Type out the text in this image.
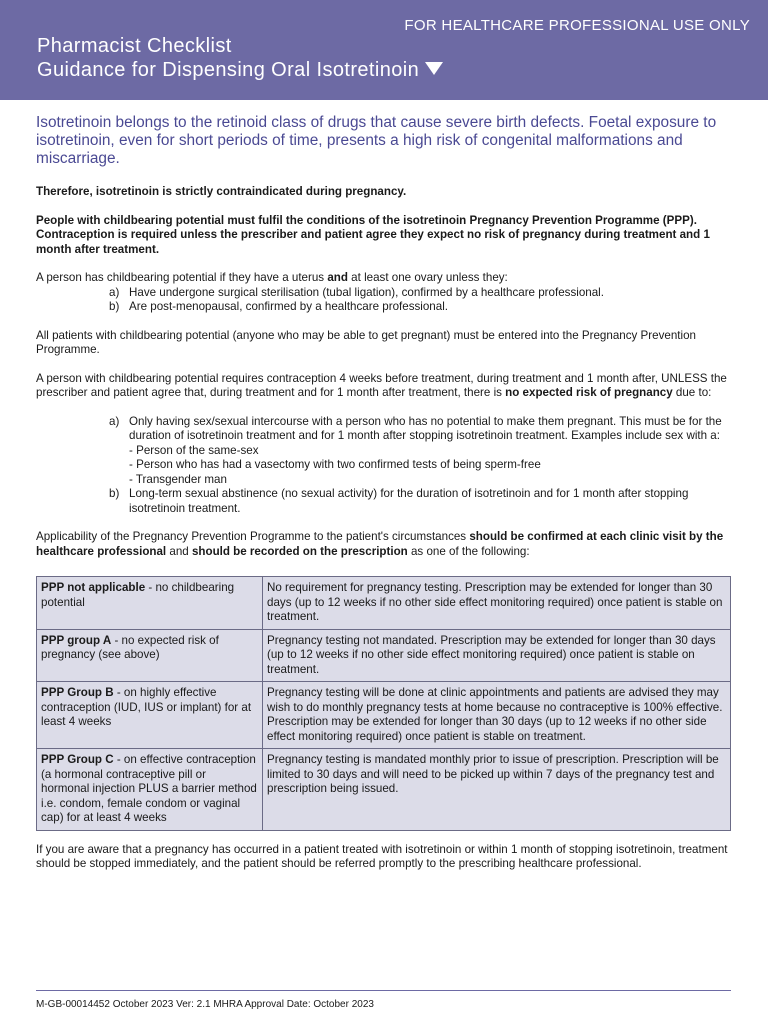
FOR HEALTHCARE PROFESSIONAL USE ONLY
Pharmacist Checklist
Guidance for Dispensing Oral Isotretinoin

Isotretinoin belongs to the retinoid class of drugs that cause severe birth defects. Foetal exposure to isotretinoin, even for short periods of time, presents a high risk of congenital malformations and miscarriage.

Therefore, isotretinoin is strictly contraindicated during pregnancy.

People with childbearing potential must fulfil the conditions of the isotretinoin Pregnancy Prevention Programme (PPP). Contraception is required unless the prescriber and patient agree they expect no risk of pregnancy during treatment and 1 month after treatment.

A person has childbearing potential if they have a uterus and at least one ovary unless they:
a) Have undergone surgical sterilisation (tubal ligation), confirmed by a healthcare professional.
b) Are post-menopausal, confirmed by a healthcare professional.

All patients with childbearing potential (anyone who may be able to get pregnant) must be entered into the Pregnancy Prevention Programme.

A person with childbearing potential requires contraception 4 weeks before treatment, during treatment and 1 month after, UNLESS the prescriber and patient agree that, during treatment and for 1 month after treatment, there is no expected risk of pregnancy due to:

a) Only having sex/sexual intercourse with a person who has no potential to make them pregnant. This must be for the duration of isotretinoin treatment and for 1 month after stopping isotretinoin treatment. Examples include sex with a:
- Person of the same-sex
- Person who has had a vasectomy with two confirmed tests of being sperm-free
- Transgender man
b) Long-term sexual abstinence (no sexual activity) for the duration of isotretinoin and for 1 month after stopping isotretinoin treatment.

Applicability of the Pregnancy Prevention Programme to the patient's circumstances should be confirmed at each clinic visit by the healthcare professional and should be recorded on the prescription as one of the following:

PPP not applicable - no childbearing potential	No requirement for pregnancy testing. Prescription may be extended for longer than 30 days (up to 12 weeks if no other side effect monitoring required) once patient is stable on treatment.
PPP group A - no expected risk of pregnancy (see above)	Pregnancy testing not mandated. Prescription may be extended for longer than 30 days (up to 12 weeks if no other side effect monitoring required) once patient is stable on treatment.
PPP Group B - on highly effective contraception (IUD, IUS or implant) for at least 4 weeks	Pregnancy testing will be done at clinic appointments and patients are advised they may wish to do monthly pregnancy tests at home because no contraceptive is 100% effective. Prescription may be extended for longer than 30 days (up to 12 weeks if no other side effect monitoring required) once patient is stable on treatment.
PPP Group C - on effective contraception (a hormonal contraceptive pill or hormonal injection PLUS a barrier method i.e. condom, female condom or vaginal cap) for at least 4 weeks	Pregnancy testing is mandated monthly prior to issue of prescription. Prescription will be limited to 30 days and will need to be picked up within 7 days of the pregnancy test and prescription being issued.

If you are aware that a pregnancy has occurred in a patient treated with isotretinoin or within 1 month of stopping isotretinoin, treatment should be stopped immediately, and the patient should be referred promptly to the prescribing healthcare professional.

M-GB-00014452 October 2023 Ver: 2.1 MHRA Approval Date: October 2023
